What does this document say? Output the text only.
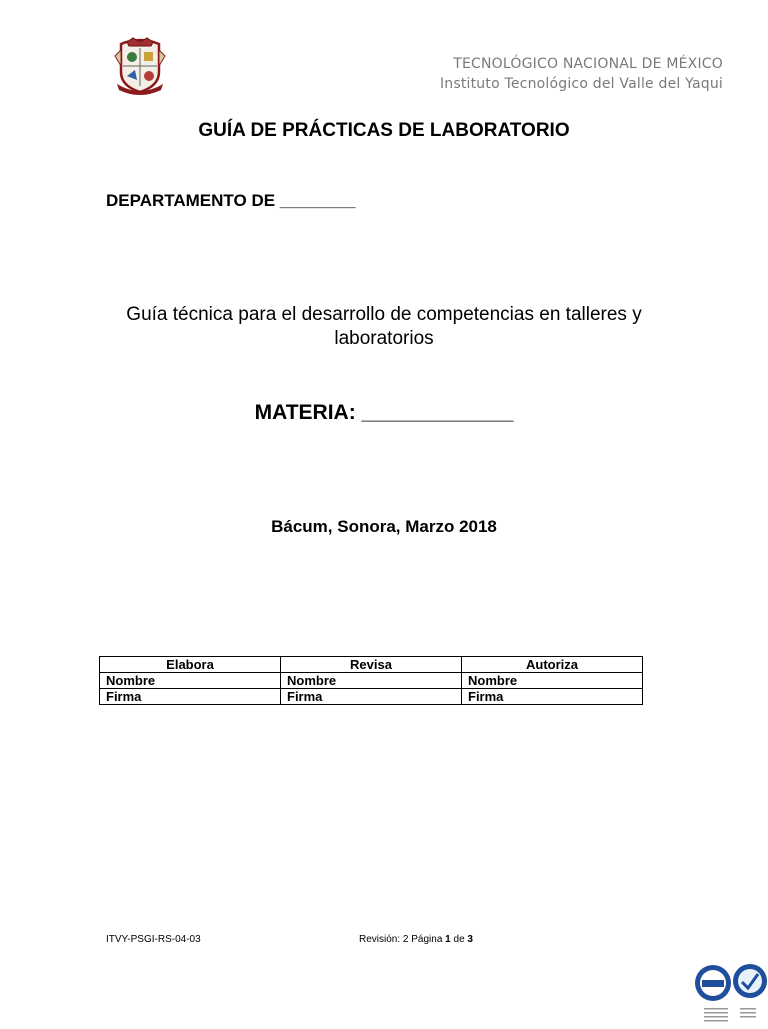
TECNOLÓGICO NACIONAL DE MÉXICO
Instituto Tecnológico del Valle del Yaqui
GUÍA DE PRÁCTICAS DE LABORATORIO
DEPARTAMENTO DE ________
Guía técnica para el desarrollo de competencias en talleres y laboratorios
MATERIA: _____________
Bácum, Sonora, Marzo 2018
Elabora	Revisa	Autoriza
Nombre	Nombre	Nombre
Firma	Firma	Firma
ITVY-PSGI-RS-04-03	Revisión: 2 Página 1 de 3
